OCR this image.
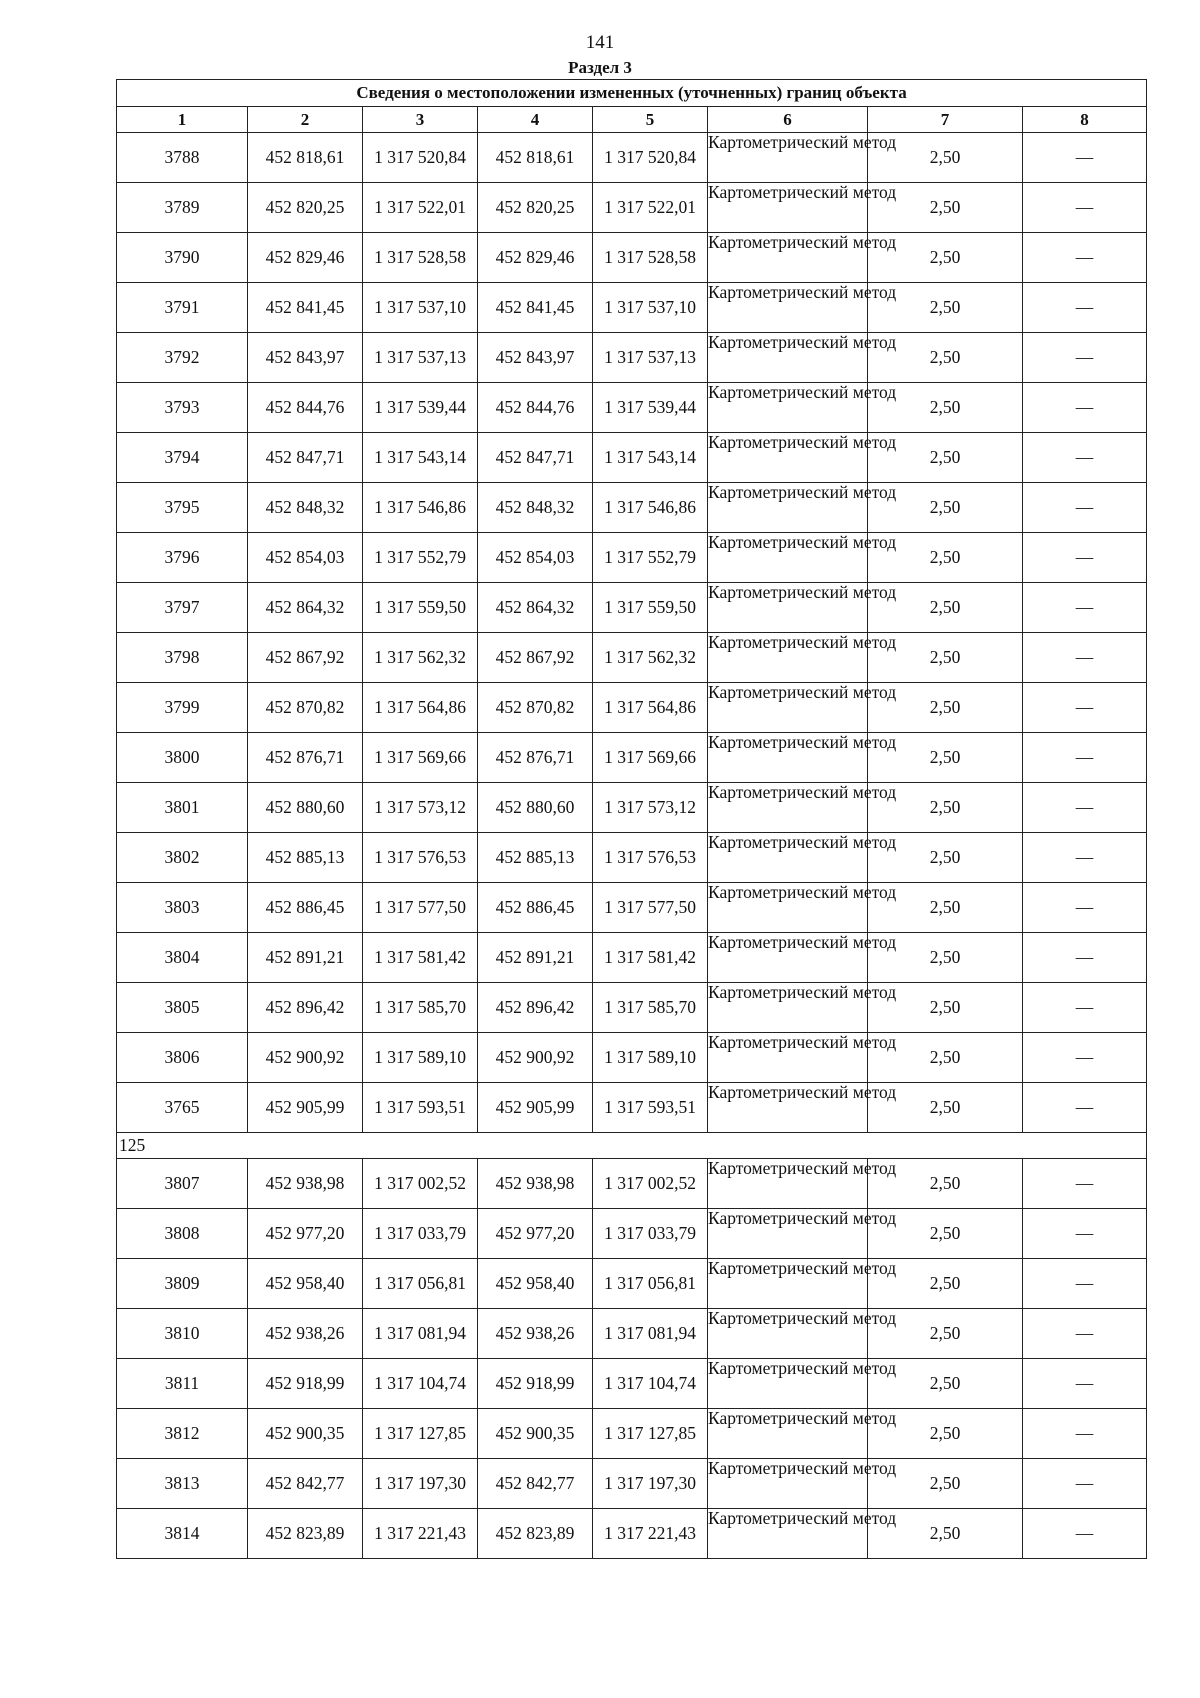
141
Раздел 3
Сведения о местоположении измененных (уточненных) границ объекта							
1	2	3	4	5	6	7	8
3788	452 818,61	1 317 520,84	452 818,61	1 317 520,84	Картометрический метод	2,50	—
3789	452 820,25	1 317 522,01	452 820,25	1 317 522,01	Картометрический метод	2,50	—
3790	452 829,46	1 317 528,58	452 829,46	1 317 528,58	Картометрический метод	2,50	—
3791	452 841,45	1 317 537,10	452 841,45	1 317 537,10	Картометрический метод	2,50	—
3792	452 843,97	1 317 537,13	452 843,97	1 317 537,13	Картометрический метод	2,50	—
3793	452 844,76	1 317 539,44	452 844,76	1 317 539,44	Картометрический метод	2,50	—
3794	452 847,71	1 317 543,14	452 847,71	1 317 543,14	Картометрический метод	2,50	—
3795	452 848,32	1 317 546,86	452 848,32	1 317 546,86	Картометрический метод	2,50	—
3796	452 854,03	1 317 552,79	452 854,03	1 317 552,79	Картометрический метод	2,50	—
3797	452 864,32	1 317 559,50	452 864,32	1 317 559,50	Картометрический метод	2,50	—
3798	452 867,92	1 317 562,32	452 867,92	1 317 562,32	Картометрический метод	2,50	—
3799	452 870,82	1 317 564,86	452 870,82	1 317 564,86	Картометрический метод	2,50	—
3800	452 876,71	1 317 569,66	452 876,71	1 317 569,66	Картометрический метод	2,50	—
3801	452 880,60	1 317 573,12	452 880,60	1 317 573,12	Картометрический метод	2,50	—
3802	452 885,13	1 317 576,53	452 885,13	1 317 576,53	Картометрический метод	2,50	—
3803	452 886,45	1 317 577,50	452 886,45	1 317 577,50	Картометрический метод	2,50	—
3804	452 891,21	1 317 581,42	452 891,21	1 317 581,42	Картометрический метод	2,50	—
3805	452 896,42	1 317 585,70	452 896,42	1 317 585,70	Картометрический метод	2,50	—
3806	452 900,92	1 317 589,10	452 900,92	1 317 589,10	Картометрический метод	2,50	—
3765	452 905,99	1 317 593,51	452 905,99	1 317 593,51	Картометрический метод	2,50	—
125							
3807	452 938,98	1 317 002,52	452 938,98	1 317 002,52	Картометрический метод	2,50	—
3808	452 977,20	1 317 033,79	452 977,20	1 317 033,79	Картометрический метод	2,50	—
3809	452 958,40	1 317 056,81	452 958,40	1 317 056,81	Картометрический метод	2,50	—
3810	452 938,26	1 317 081,94	452 938,26	1 317 081,94	Картометрический метод	2,50	—
3811	452 918,99	1 317 104,74	452 918,99	1 317 104,74	Картометрический метод	2,50	—
3812	452 900,35	1 317 127,85	452 900,35	1 317 127,85	Картометрический метод	2,50	—
3813	452 842,77	1 317 197,30	452 842,77	1 317 197,30	Картометрический метод	2,50	—
3814	452 823,89	1 317 221,43	452 823,89	1 317 221,43	Картометрический метод	2,50	—
